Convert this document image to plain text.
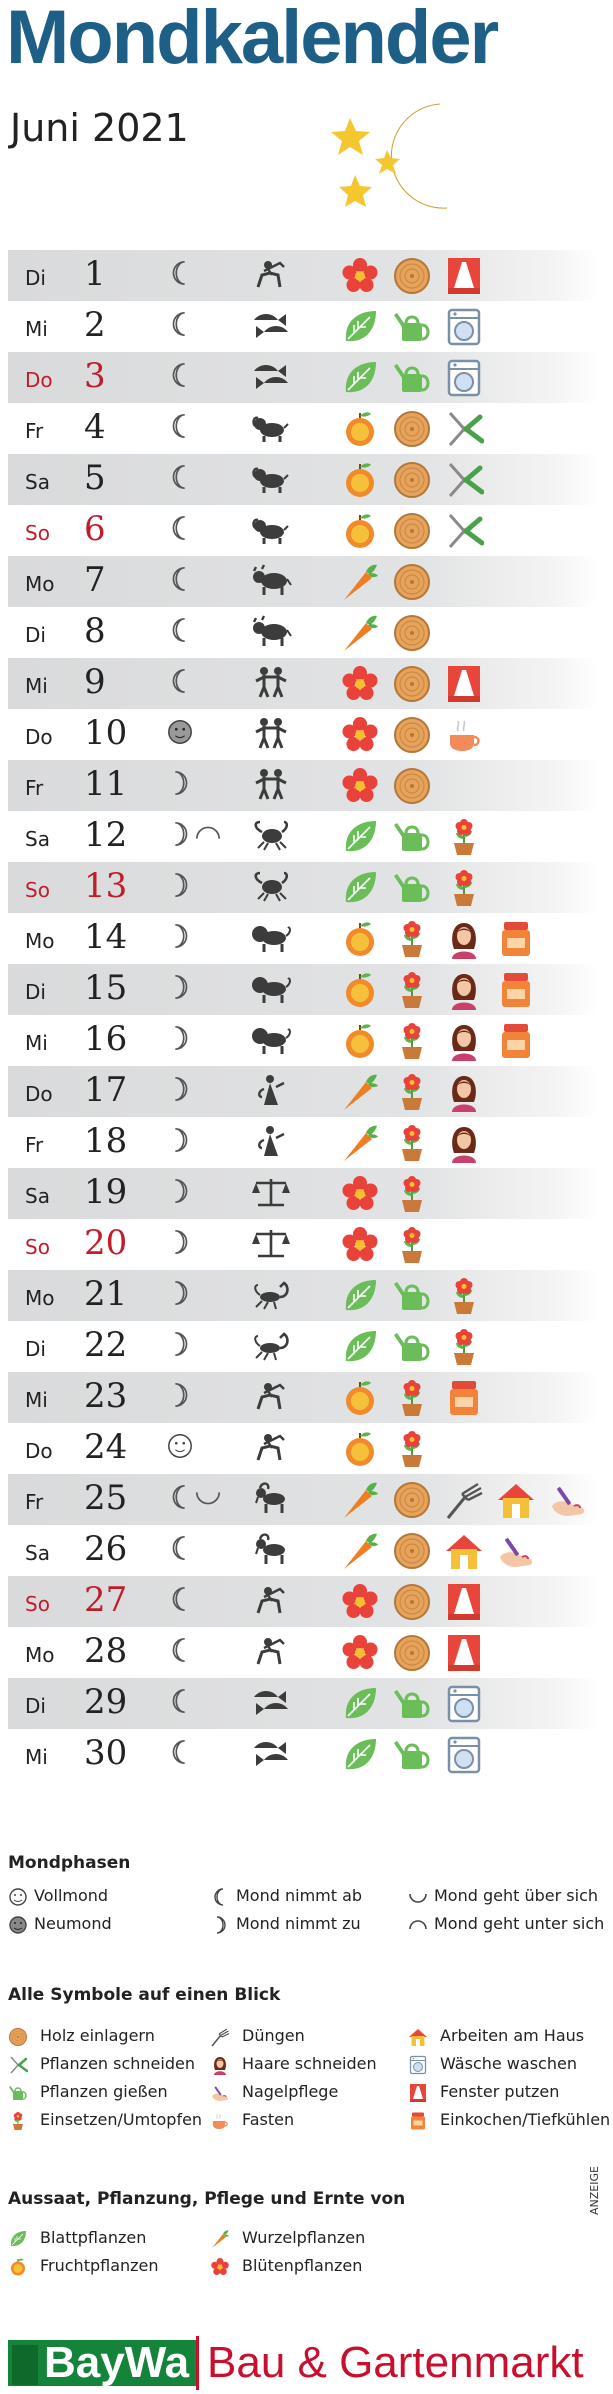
Mondkalender
Juni 2021
Di 1
Mi 2
Do 3
Fr 4
Sa 5
So 6
Mo 7
Di 8
Mi 9
Do 10
Fr 11
Sa 12
So 13
Mo 14
Di 15
Mi 16
Do 17
Fr 18
Sa 19
So 20
Mo 21
Di 22
Mi 23
Do 24
Fr 25
Sa 26
So 27
Mo 28
Di 29
Mi 30
Mondphasen
Vollmond
Neumond
Mond nimmt ab
Mond nimmt zu
Mond geht über sich
Mond geht unter sich
Alle Symbole auf einen Blick
Holz einlagern
Pflanzen schneiden
Pflanzen gießen
Einsetzen/Umtopfen
Düngen
Haare schneiden
Nagelpflege
Fasten
Arbeiten am Haus
Wäsche waschen
Fenster putzen
Einkochen/Tiefkühlen
Aussaat, Pflanzung, Pflege und Ernte von
Blattpflanzen
Fruchtpflanzen
Wurzelpflanzen
Blütenpflanzen
ANZEIGE
BayWa Bau & Gartenmarkt
